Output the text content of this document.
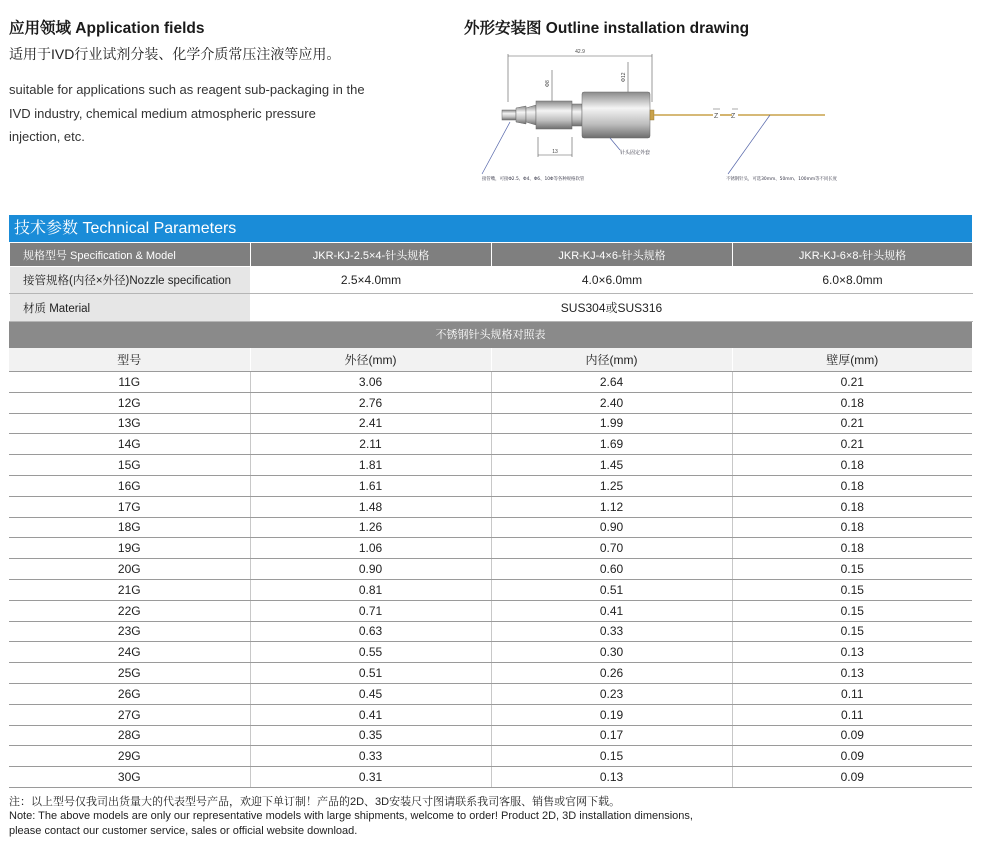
应用领域 Application fields
适用于IVD行业试剂分装、化学介质常压注液等应用。
suitable for applications such as reagent sub-packaging in the IVD industry, chemical medium atmospheric pressure injection, etc.
外形安装图 Outline installation drawing
42.9
Φ8
Φ12
13
Z Z
针头固定外套
接管嘴，可接Φ2.5、Φ4、Φ6、10Φ等各种规格软管	不锈钢针头，可选30mm、50mm、100mm等不同长度
技术参数 Technical Parameters
规格型号 Specification & Model	JKR-KJ-2.5×4-针头规格	JKR-KJ-4×6-针头规格	JKR-KJ-6×8-针头规格
接管规格(内径×外径)Nozzle specification	2.5×4.0mm	4.0×6.0mm	6.0×8.0mm
材质 Material	SUS304或SUS316		
不锈钢针头规格对照表
型号	外径(mm)	内径(mm)	壁厚(mm)
11G	3.06	2.64	0.21
12G	2.76	2.40	0.18
13G	2.41	1.99	0.21
14G	2.11	1.69	0.21
15G	1.81	1.45	0.18
16G	1.61	1.25	0.18
17G	1.48	1.12	0.18
18G	1.26	0.90	0.18
19G	1.06	0.70	0.18
20G	0.90	0.60	0.15
21G	0.81	0.51	0.15
22G	0.71	0.41	0.15
23G	0.63	0.33	0.15
24G	0.55	0.30	0.13
25G	0.51	0.26	0.13
26G	0.45	0.23	0.11
27G	0.41	0.19	0.11
28G	0.35	0.17	0.09
29G	0.33	0.15	0.09
30G	0.31	0.13	0.09
注：以上型号仅我司出货量大的代表型号产品，欢迎下单订制！产品的2D、3D安装尺寸图请联系我司客服、销售或官网下载。
Note: The above models are only our representative models with large shipments, welcome to order! Product 2D, 3D installation dimensions,
please contact our customer service, sales or official website download.
